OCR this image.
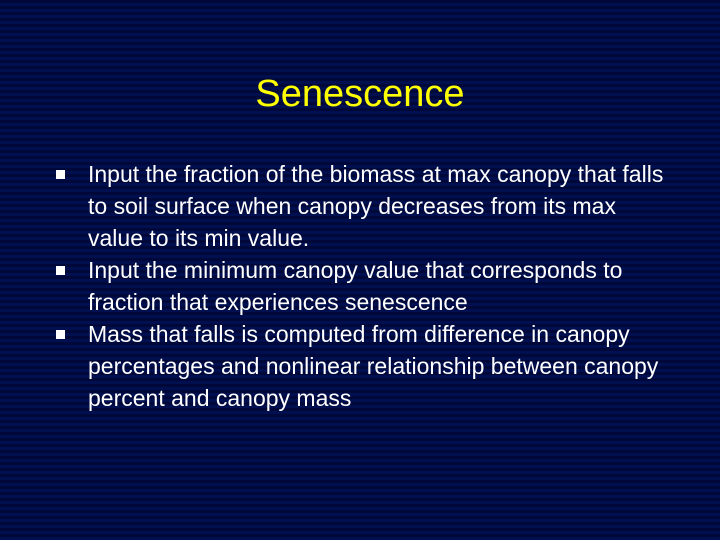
Senescence
Input the fraction of the biomass at max canopy that falls to soil surface when canopy decreases from its max value to its min value.
Input the minimum canopy value that corresponds to fraction that experiences senescence
Mass that falls is computed from difference in canopy percentages and nonlinear relationship between canopy percent and canopy mass
